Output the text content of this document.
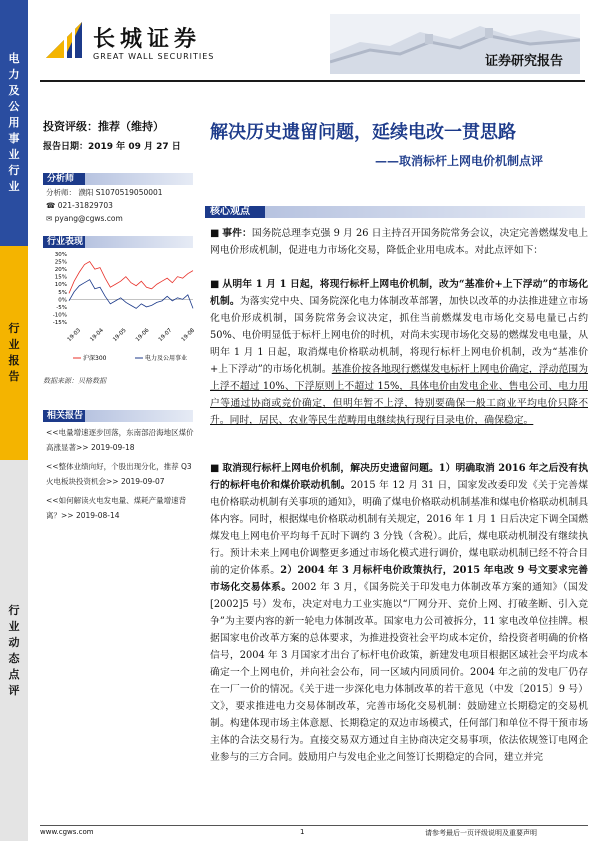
电
力
及
公
用
事
业
行
业
行
业
报
告
行
业
动
态
点
评
长城证券
GREAT WALL SECURITIES	证券研究报告
投资评级：推荐（维持）
报告日期：2019 年 09 月 27 日
解决历史遗留问题，延续电改一贯思路
——取消标杆上网电价机制点评
分析师
分析师： 濮阳 S1070519050001
☎ 021-31829703
✉ pyang@cgws.com
行业表现
30%
25%
20%
15%
10%
5%
0%
-5%
-10%
-15%
19-03 19-04 19-05 19-06 19-07 19-08
沪深300	电力及公用事业
数据来源：贝格数据
相关报告
<<电量增速逐步回落，东南部沿海地区煤价高涨显著>> 2019-09-18
<<整体业绩向好，个股出现分化，推荐 Q3 火电板块投资机会>> 2019-09-07
<<如何解读火电发电量、煤耗产量增速背离？>> 2019-08-14
核心观点
■ 事件：国务院总理李克强 9 月 26 日主持召开国务院常务会议，决定完善燃煤发电上网电价形成机制，促进电力市场化交易，降低企业用电成本。对此点评如下：
■ 从明年 1 月 1 日起，将现行标杆上网电价机制，改为“基准价+上下浮动”的市场化机制。为落实党中央、国务院深化电力体制改革部署，加快以改革的办法推进建立市场化电价形成机制，国务院常务会议决定，抓住当前燃煤发电市场化交易电量已占约 50%、电价明显低于标杆上网电价的时机，对尚未实现市场化交易的燃煤发电电量，从明年 1 月 1 日起，取消煤电价格联动机制，将现行标杆上网电价机制，改为“基准价+上下浮动”的市场化机制。基准价按各地现行燃煤发电标杆上网电价确定，浮动范围为上浮不超过 10%、下浮原则上不超过 15%，具体电价由发电企业、售电公司、电力用户等通过协商或竞价确定，但明年暂不上浮，特别要确保一般工商业平均电价只降不升。同时，居民、农业等民生范畴用电继续执行现行目录电价，确保稳定。
■ 取消现行标杆上网电价机制，解决历史遗留问题。1）明确取消 2016 年之后没有执行的标杆电价和煤价联动机制。2015 年 12 月 31 日，国家发改委印发《关于完善煤电价格联动机制有关事项的通知》，明确了煤电价格联动机制基准和煤电价格联动机制具体内容。同时，根据煤电价格联动机制有关规定，2016 年 1 月 1 日后决定下调全国燃煤发电上网电价平均每千瓦时下调约 3 分钱（含税）。此后，煤电联动机制没有继续执行。预计未来上网电价调整更多通过市场化模式进行调价，煤电联动机制已经不符合目前的定价体系。2）2004 年 3 月标杆电价政策执行，2015 年电改 9 号文要求完善市场化交易体系。2002 年 3 月，《国务院关于印发电力体制改革方案的通知》（国发[2002]5 号）发布，决定对电力工业实施以“厂网分开、竞价上网、打破垄断、引入竞争”为主要内容的新一轮电力体制改革。国家电力公司被拆分，11 家电改单位挂牌。根据国家电价改革方案的总体要求，为推进投资社会平均成本定价，给投资者明确的价格信号，2004 年 3 月国家才出台了标杆电价政策，新建发电项目根据区域社会平均成本确定一个上网电价，并向社会公布，同一区域内同质同价。2004 年之前的发电厂仍存在一厂一价的情况。《关于进一步深化电力体制改革的若干意见（中发〔2015〕9 号）文》，要求推进电力交易体制改革，完善市场化交易机制：鼓励建立长期稳定的交易机制。构建体现市场主体意愿、长期稳定的双边市场模式，任何部门和单位不得干预市场主体的合法交易行为。直接交易双方通过自主协商决定交易事项，依法依规签订电网企业参与的三方合同。鼓励用户与发电企业之间签订长期稳定的合同，建立并完
www.cgws.com	1	请参考最后一页评级说明及重要声明
